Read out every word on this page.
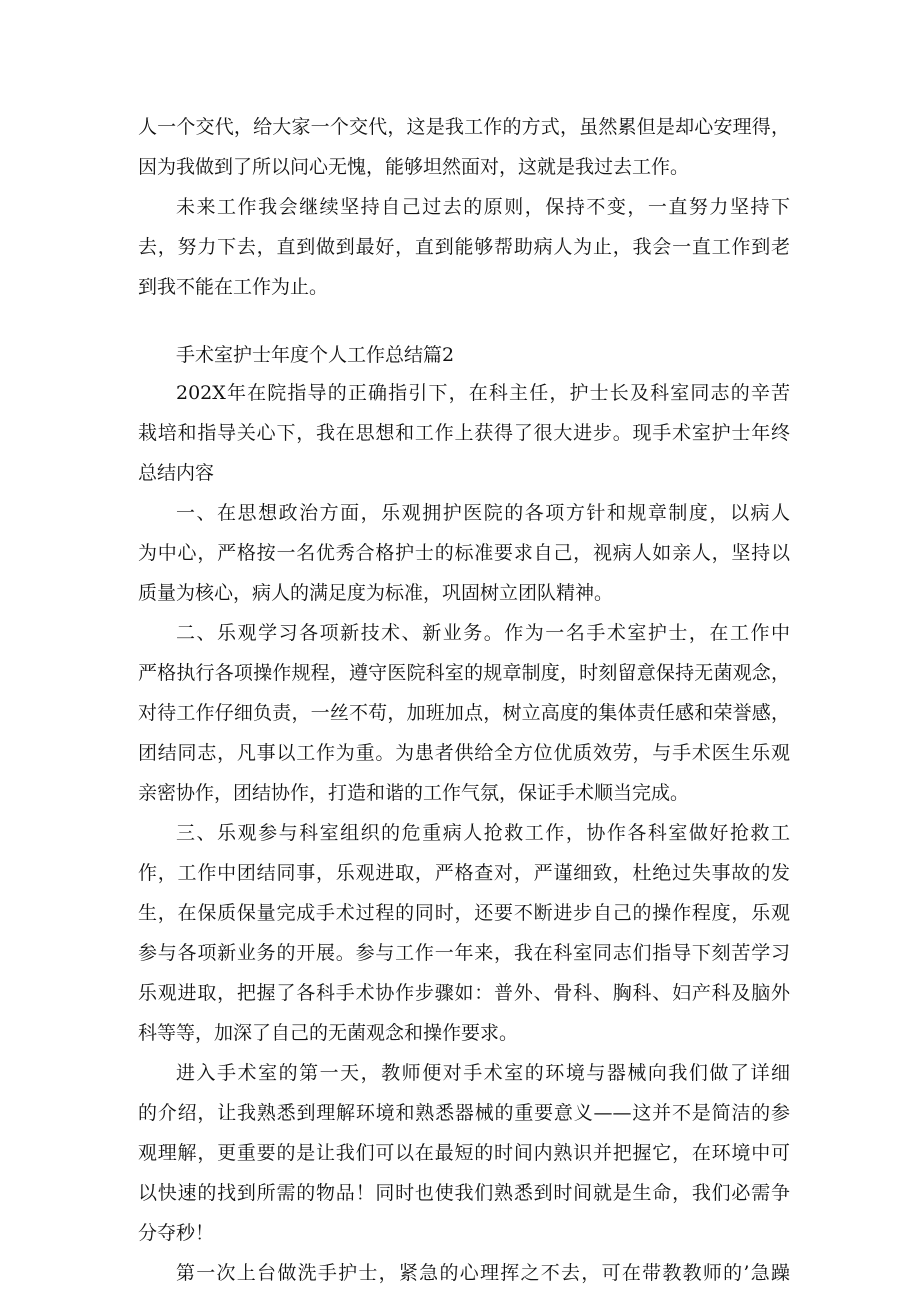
人一个交代，给大家一个交代，这是我工作的方式，虽然累但是却心安理得，
因为我做到了所以问心无愧，能够坦然面对，这就是我过去工作。
未来工作我会继续坚持自己过去的原则，保持不变，一直努力坚持下
去，努力下去，直到做到最好，直到能够帮助病人为止，我会一直工作到老
到我不能在工作为止。
手术室护士年度个人工作总结篇2
202X年在院指导的正确指引下，在科主任，护士长及科室同志的辛苦
栽培和指导关心下，我在思想和工作上获得了很大进步。现手术室护士年终
总结内容
一、在思想政治方面，乐观拥护医院的各项方针和规章制度，以病人
为中心，严格按一名优秀合格护士的标准要求自己，视病人如亲人，坚持以
质量为核心，病人的满足度为标准，巩固树立团队精神。
二、乐观学习各项新技术、新业务。作为一名手术室护士，在工作中
严格执行各项操作规程，遵守医院科室的规章制度，时刻留意保持无菌观念，
对待工作仔细负责，一丝不苟，加班加点，树立高度的集体责任感和荣誉感，
团结同志，凡事以工作为重。为患者供给全方位优质效劳，与手术医生乐观
亲密协作，团结协作，打造和谐的工作气氛，保证手术顺当完成。
三、乐观参与科室组织的危重病人抢救工作，协作各科室做好抢救工
作，工作中团结同事，乐观进取，严格查对，严谨细致，杜绝过失事故的发
生，在保质保量完成手术过程的同时，还要不断进步自己的操作程度，乐观
参与各项新业务的开展。参与工作一年来，我在科室同志们指导下刻苦学习
乐观进取，把握了各科手术协作步骤如：普外、骨科、胸科、妇产科及脑外
科等等，加深了自己的无菌观念和操作要求。
进入手术室的第一天，教师便对手术室的环境与器械向我们做了详细
的介绍，让我熟悉到理解环境和熟悉器械的重要意义——这并不是简洁的参
观理解，更重要的是让我们可以在最短的时间内熟识并把握它，在环境中可
以快速的找到所需的物品！同时也使我们熟悉到时间就是生命，我们必需争
分夺秒！
第一次上台做洗手护士，紧急的心理挥之不去，可在带教教师的’急躁
